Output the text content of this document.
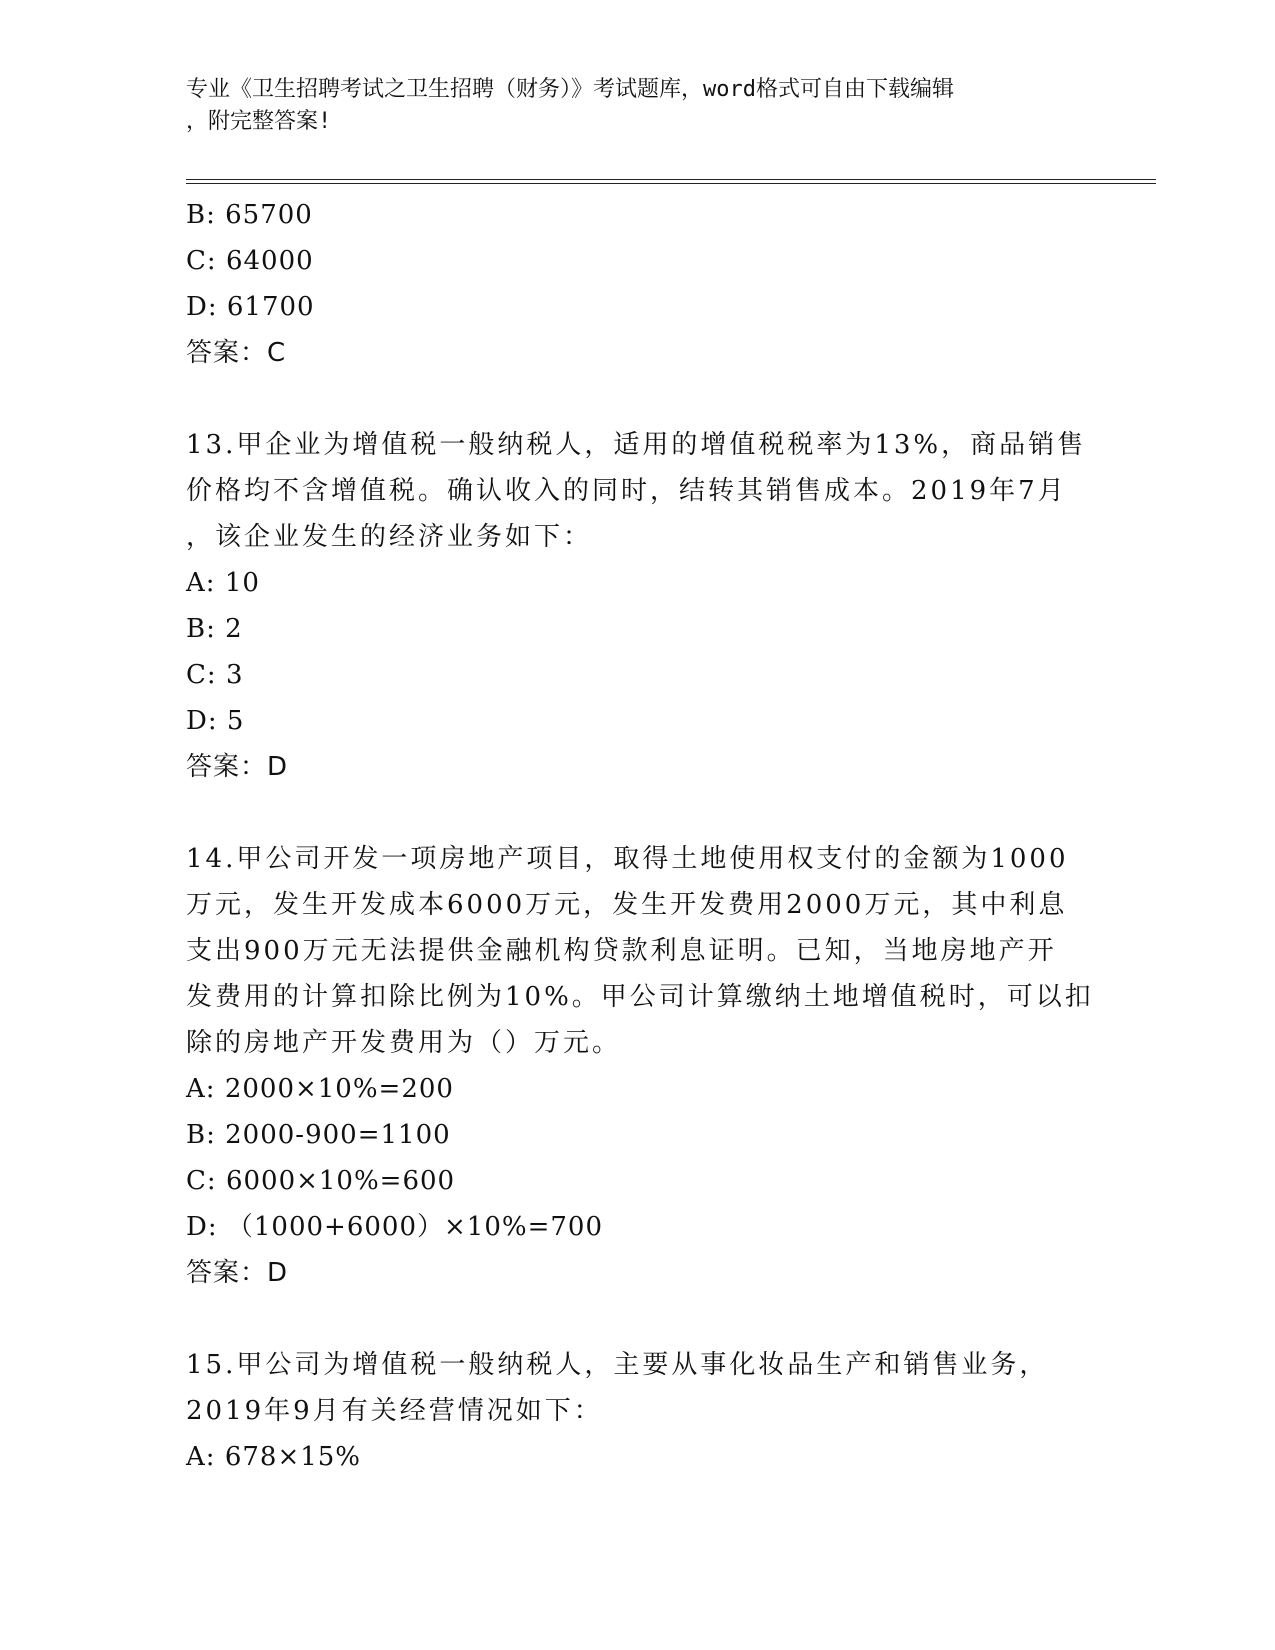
专业《卫生招聘考试之卫生招聘（财务）》考试题库，word格式可自由下载编辑
，附完整答案!
B : 65700
C : 64000
D : 61700
答案 ： C
13.甲企业为增值税一般纳税人，适用的增值税税率为13%，商品销售
价格均不含增值税。确认收入的同时，结转其销售成本。2019年7月
，该企业发生的经济业务如下：
A : 10
B : 2
C : 3
D : 5
答案 ： D
14.甲公司开发一项房地产项目，取得土地使用权支付的金额为1000
万元，发生开发成本6000万元，发生开发费用2000万元，其中利息
支出900万元无法提供金融机构贷款利息证明。已知，当地房地产开
发费用的计算扣除比例为10%。甲公司计算缴纳土地增值税时，可以扣
除的房地产开发费用为（）万元。
A : 2000×10%=200
B : 2000-900=1100
C : 6000×10%=600
D : （1000+6000）×10%=700
答案 ： D
15.甲公司为增值税一般纳税人，主要从事化妆品生产和销售业务，
2019年9月有关经营情况如下：
A : 678×15%
